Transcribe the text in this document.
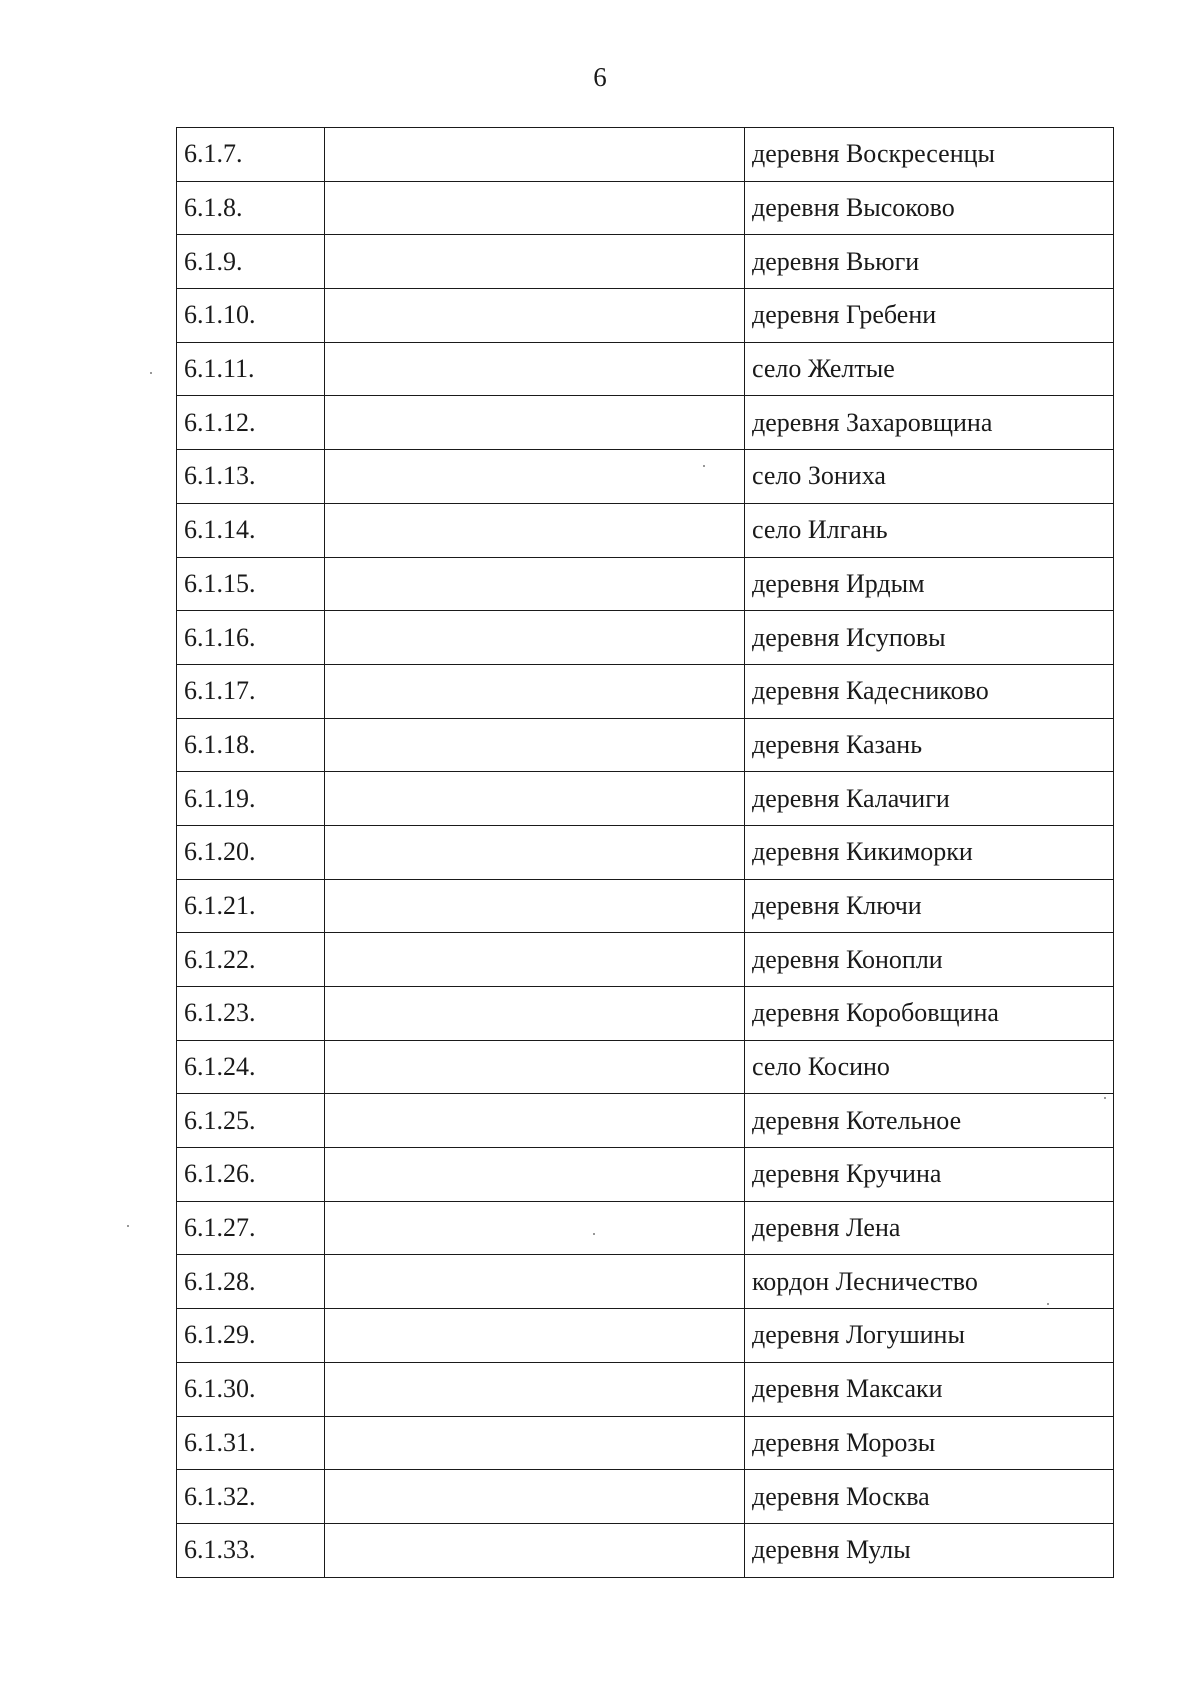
6
6.1.7.		деревня Воскресенцы
6.1.8.		деревня Высоково
6.1.9.		деревня Вьюги
6.1.10.		деревня Гребени
6.1.11.		село Желтые
6.1.12.		деревня Захаровщина
6.1.13.		село Зониха
6.1.14.		село Илгань
6.1.15.		деревня Ирдым
6.1.16.		деревня Исуповы
6.1.17.		деревня Кадесниково
6.1.18.		деревня Казань
6.1.19.		деревня Калачиги
6.1.20.		деревня Кикиморки
6.1.21.		деревня Ключи
6.1.22.		деревня Конопли
6.1.23.		деревня Коробовщина
6.1.24.		село Косино
6.1.25.		деревня Котельное
6.1.26.		деревня Кручина
6.1.27.		деревня Лена
6.1.28.		кордон Лесничество
6.1.29.		деревня Логушины
6.1.30.		деревня Максаки
6.1.31.		деревня Морозы
6.1.32.		деревня Москва
6.1.33.		деревня Мулы
